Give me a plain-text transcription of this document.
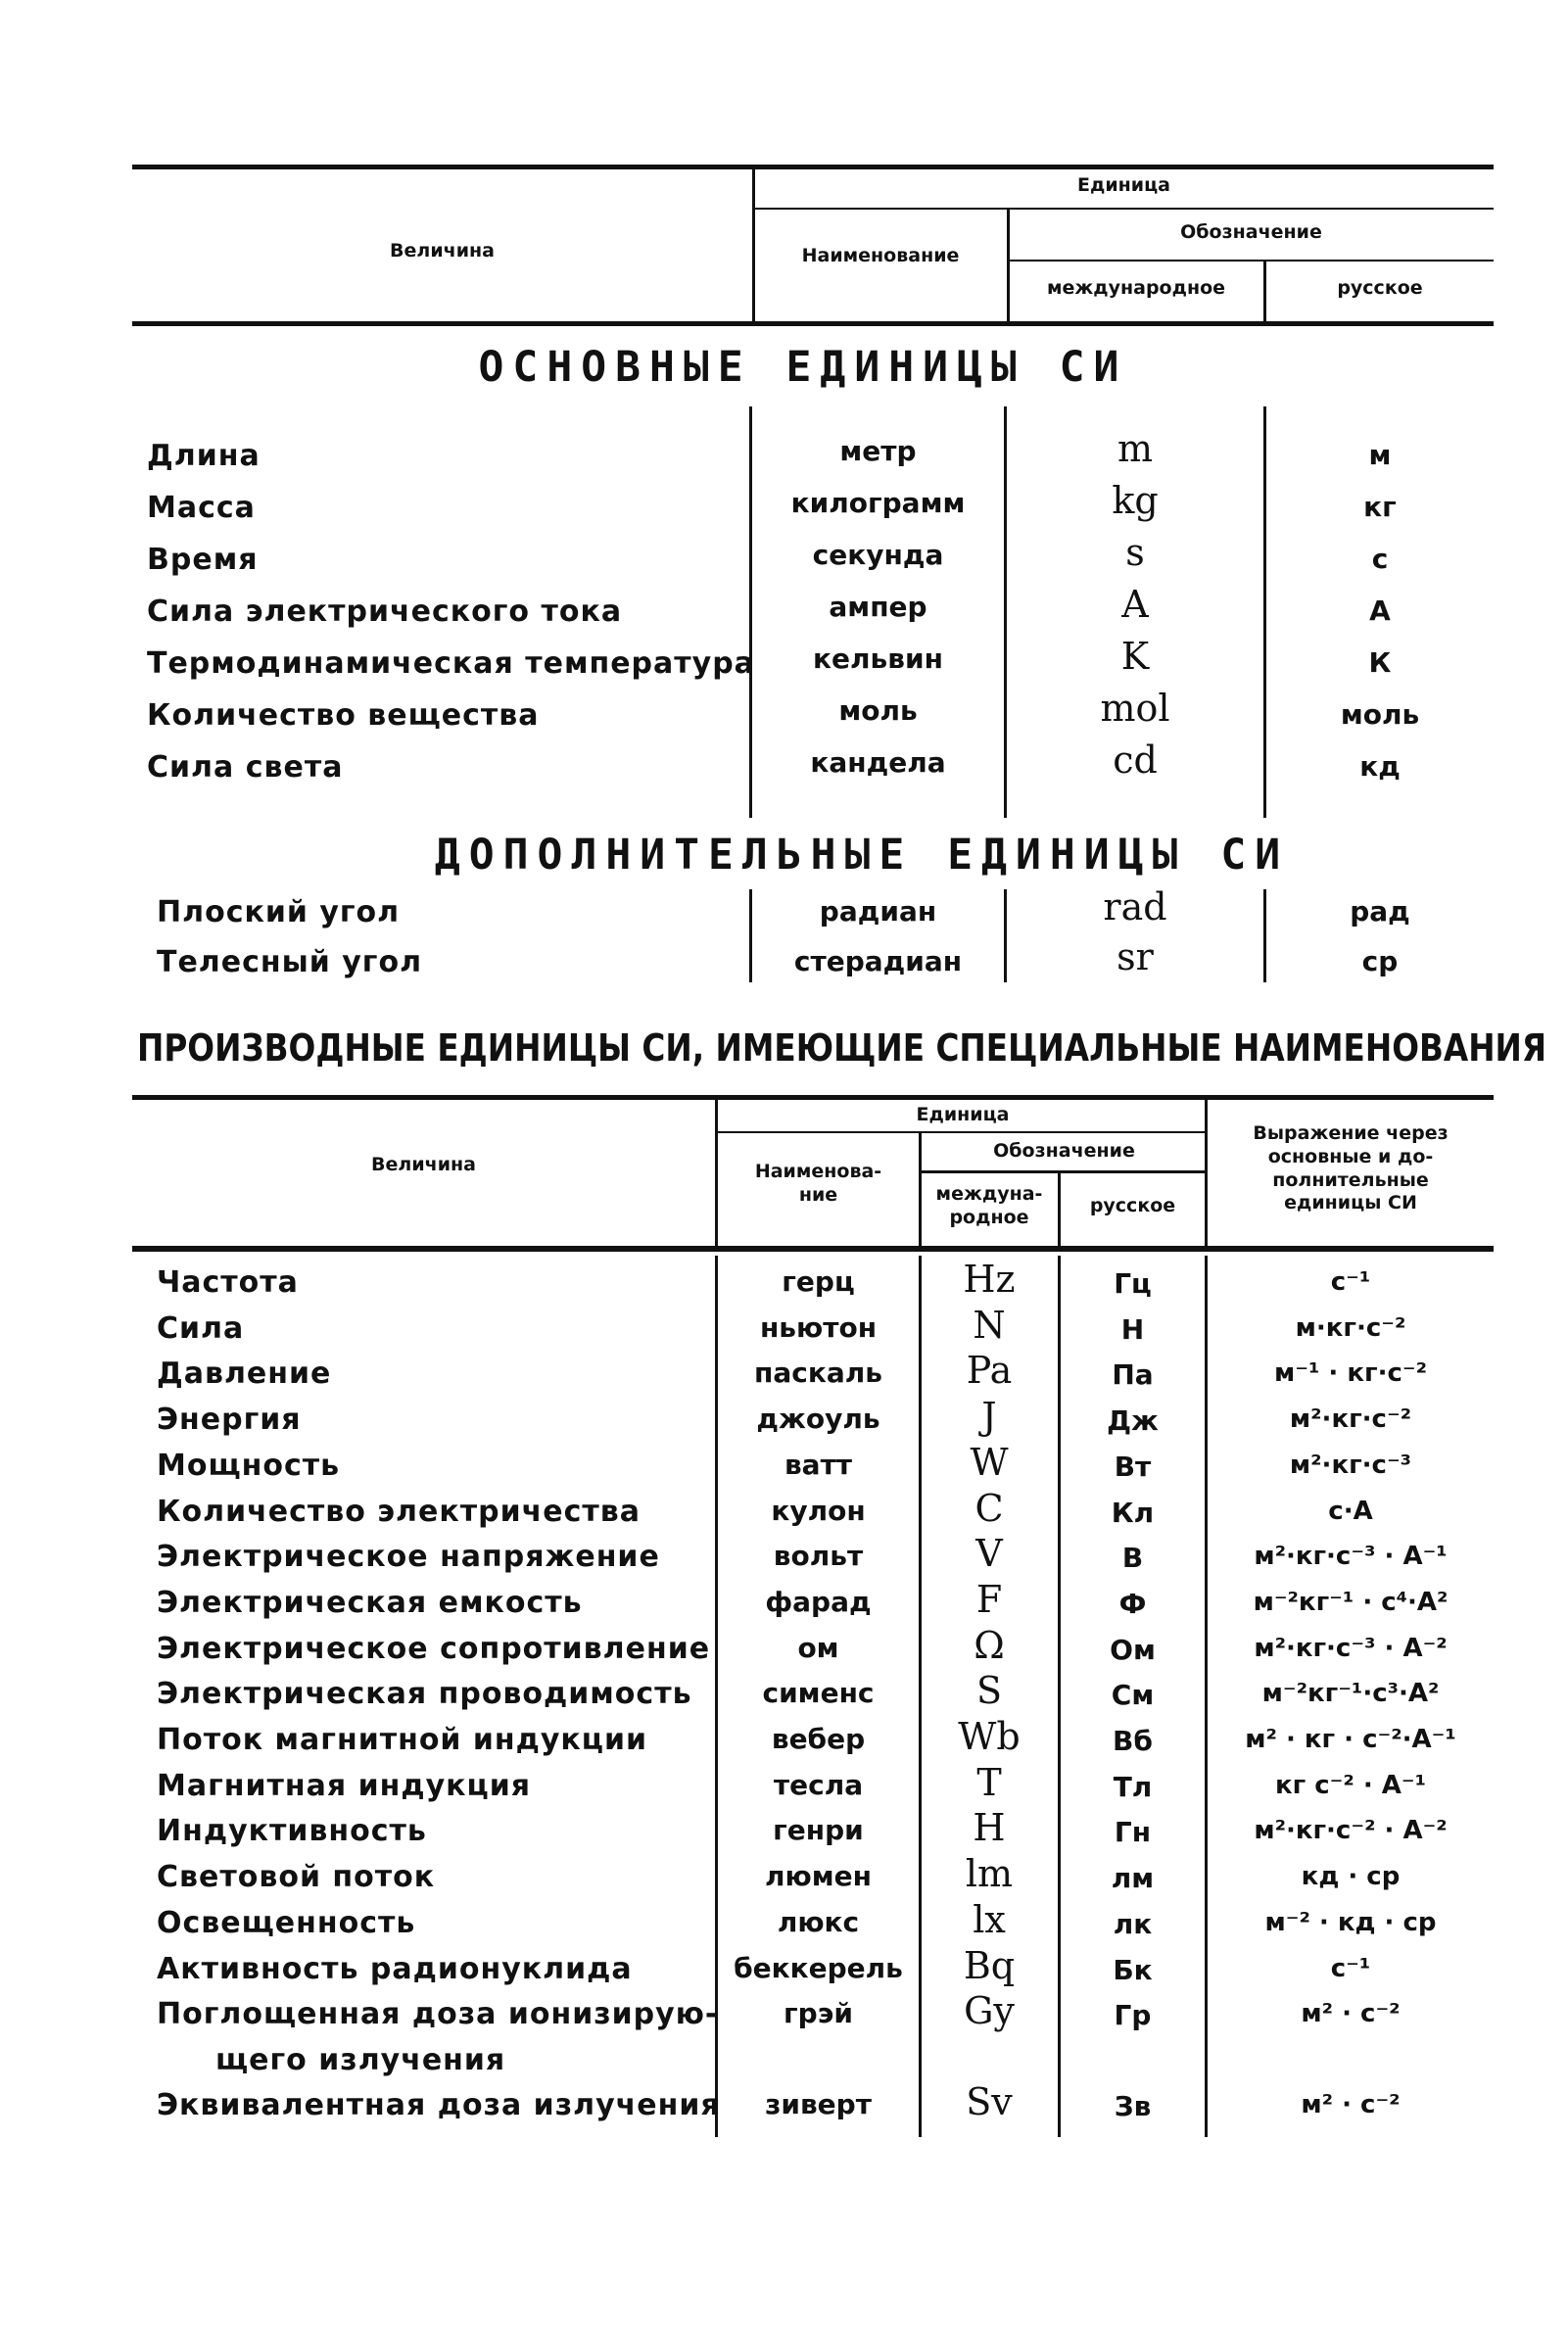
Величина
Единица
Наименование
Обозначение
международное	русское
ОСНОВНЫЕ ЕДИНИЦЫ СИ
Длина	метр	m	м
Масса	килограмм	kg	кг
Время	секунда	s	с
Сила электрического тока	ампер	A	А
Термодинамическая температура	кельвин	K	К
Количество вещества	моль	mol	моль
Сила света	кандела	cd	кд
ДОПОЛНИТЕЛЬНЫЕ ЕДИНИЦЫ СИ
Плоский угол	радиан	rad	рад
Телесный угол	стерадиан	sr	ср
ПРОИЗВОДНЫЕ ЕДИНИЦЫ СИ, ИМЕЮЩИЕ СПЕЦИАЛЬНЫЕ НАИМЕНОВАНИЯ
Величина
Единица
Наименова-
ние
Обозначение
междуна-
родное
русское
Выражение через
основные и до-
полнительные
единицы СИ
Частота	герц	Hz	Гц	с⁻¹
Сила	ньютон	N	Н	м·кг·с⁻²
Давление	паскаль	Pa	Па	м⁻¹ · кг·с⁻²
Энергия	джоуль	J	Дж	м²·кг·с⁻²
Мощность	ватт	W	Вт	м²·кг·с⁻³
Количество электричества	кулон	C	Кл	с·А
Электрическое напряжение	вольт	V	В	м²·кг·с⁻³ · А⁻¹
Электрическая емкость	фарад	F	Ф	м⁻²кг⁻¹ · с⁴·А²
Электрическое сопротивление	ом	Ω	Ом	м²·кг·с⁻³ · А⁻²
Электрическая проводимость	сименс	S	См	м⁻²кг⁻¹·с³·А²
Поток магнитной индукции	вебер	Wb	Вб	м² · кг · с⁻²·А⁻¹
Магнитная индукция	тесла	T	Тл	кг с⁻² · А⁻¹
Индуктивность	генри	H	Гн	м²·кг·с⁻² · А⁻²
Световой поток	люмен	lm	лм	кд · ср
Освещенность	люкс	lx	лк	м⁻² · кд · ср
Активность радионуклида	беккерель	Bq	Бк	с⁻¹
Поглощенная доза ионизирую-
щего излучения
грэй	Gy	Гр	м² · с⁻²
Эквивалентная доза излучения	зиверт	Sv	Зв	м² · с⁻²
